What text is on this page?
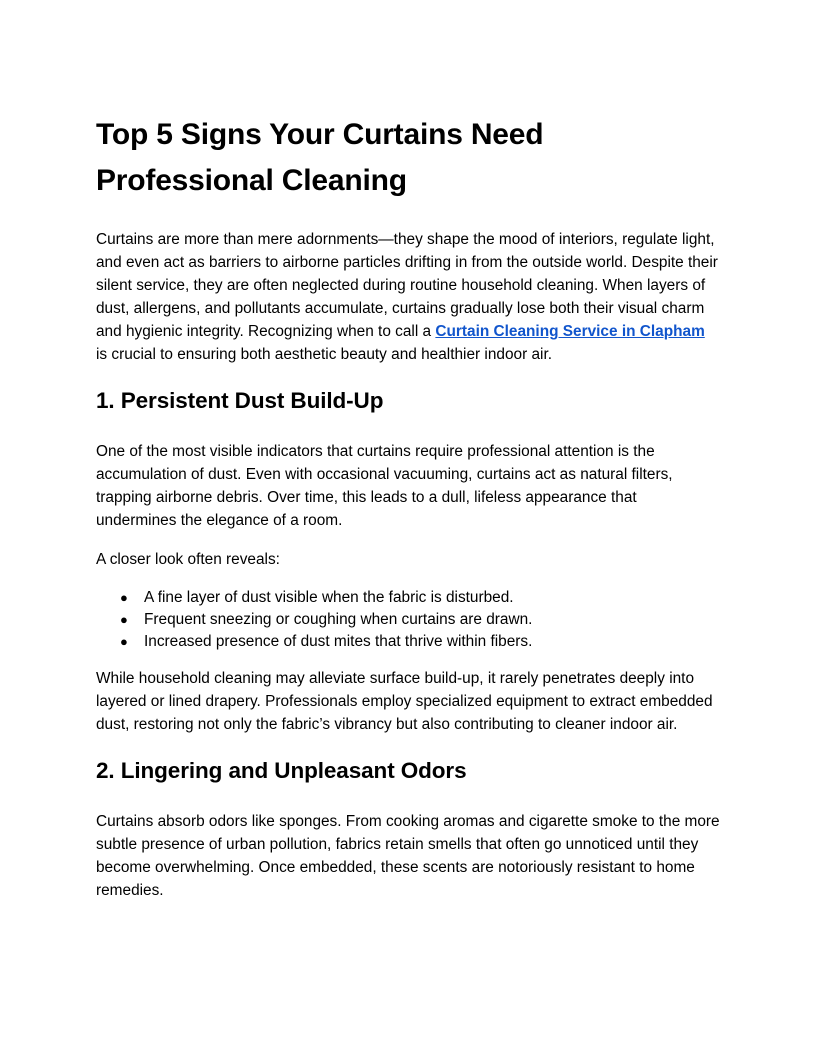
Top 5 Signs Your Curtains Need Professional Cleaning

Curtains are more than mere adornments—they shape the mood of interiors, regulate light, and even act as barriers to airborne particles drifting in from the outside world. Despite their silent service, they are often neglected during routine household cleaning. When layers of dust, allergens, and pollutants accumulate, curtains gradually lose both their visual charm and hygienic integrity. Recognizing when to call a Curtain Cleaning Service in Clapham is crucial to ensuring both aesthetic beauty and healthier indoor air.

1. Persistent Dust Build-Up

One of the most visible indicators that curtains require professional attention is the accumulation of dust. Even with occasional vacuuming, curtains act as natural filters, trapping airborne debris. Over time, this leads to a dull, lifeless appearance that undermines the elegance of a room.

A closer look often reveals:

● A fine layer of dust visible when the fabric is disturbed.
● Frequent sneezing or coughing when curtains are drawn.
● Increased presence of dust mites that thrive within fibers.

While household cleaning may alleviate surface build-up, it rarely penetrates deeply into layered or lined drapery. Professionals employ specialized equipment to extract embedded dust, restoring not only the fabric’s vibrancy but also contributing to cleaner indoor air.

2. Lingering and Unpleasant Odors

Curtains absorb odors like sponges. From cooking aromas and cigarette smoke to the more subtle presence of urban pollution, fabrics retain smells that often go unnoticed until they become overwhelming. Once embedded, these scents are notoriously resistant to home remedies.
